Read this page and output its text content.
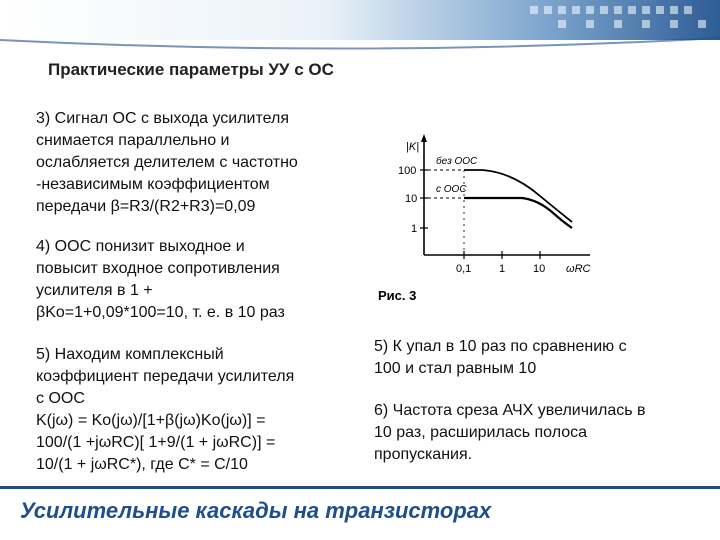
Практические параметры УУ с ОС
3) Сигнал ОС с выхода усилителя
снимается параллельно и
ослабляется делителем с частотно
-независимым коэффициентом
передачи β=R3/(R2+R3)=0,09
4) ООС понизит выходное и
повысит входное сопротивления
усилителя в 1 +
βKо=1+0,09*100=10, т. е. в 10 раз
5) Находим комплексный
коэффициент передачи усилителя
с ООС
K(jω) = Kо(jω)/[1+β(jω)Kо(jω)] =
100/(1 +jωRC)[ 1+9/(1 + jωRC)] =
10/(1 + jωRC*), где C* = C/10
5) К упал в 10 раз по сравнению с
100 и стал равным 10
6) Частота среза АЧХ увеличилась в
10 раз, расширилась полоса
пропускания.
|K|
100
10
1
0,1	1	10 ωRC
без ООС
с ООС
Рис. 3
Усилительные каскады на транзисторах
